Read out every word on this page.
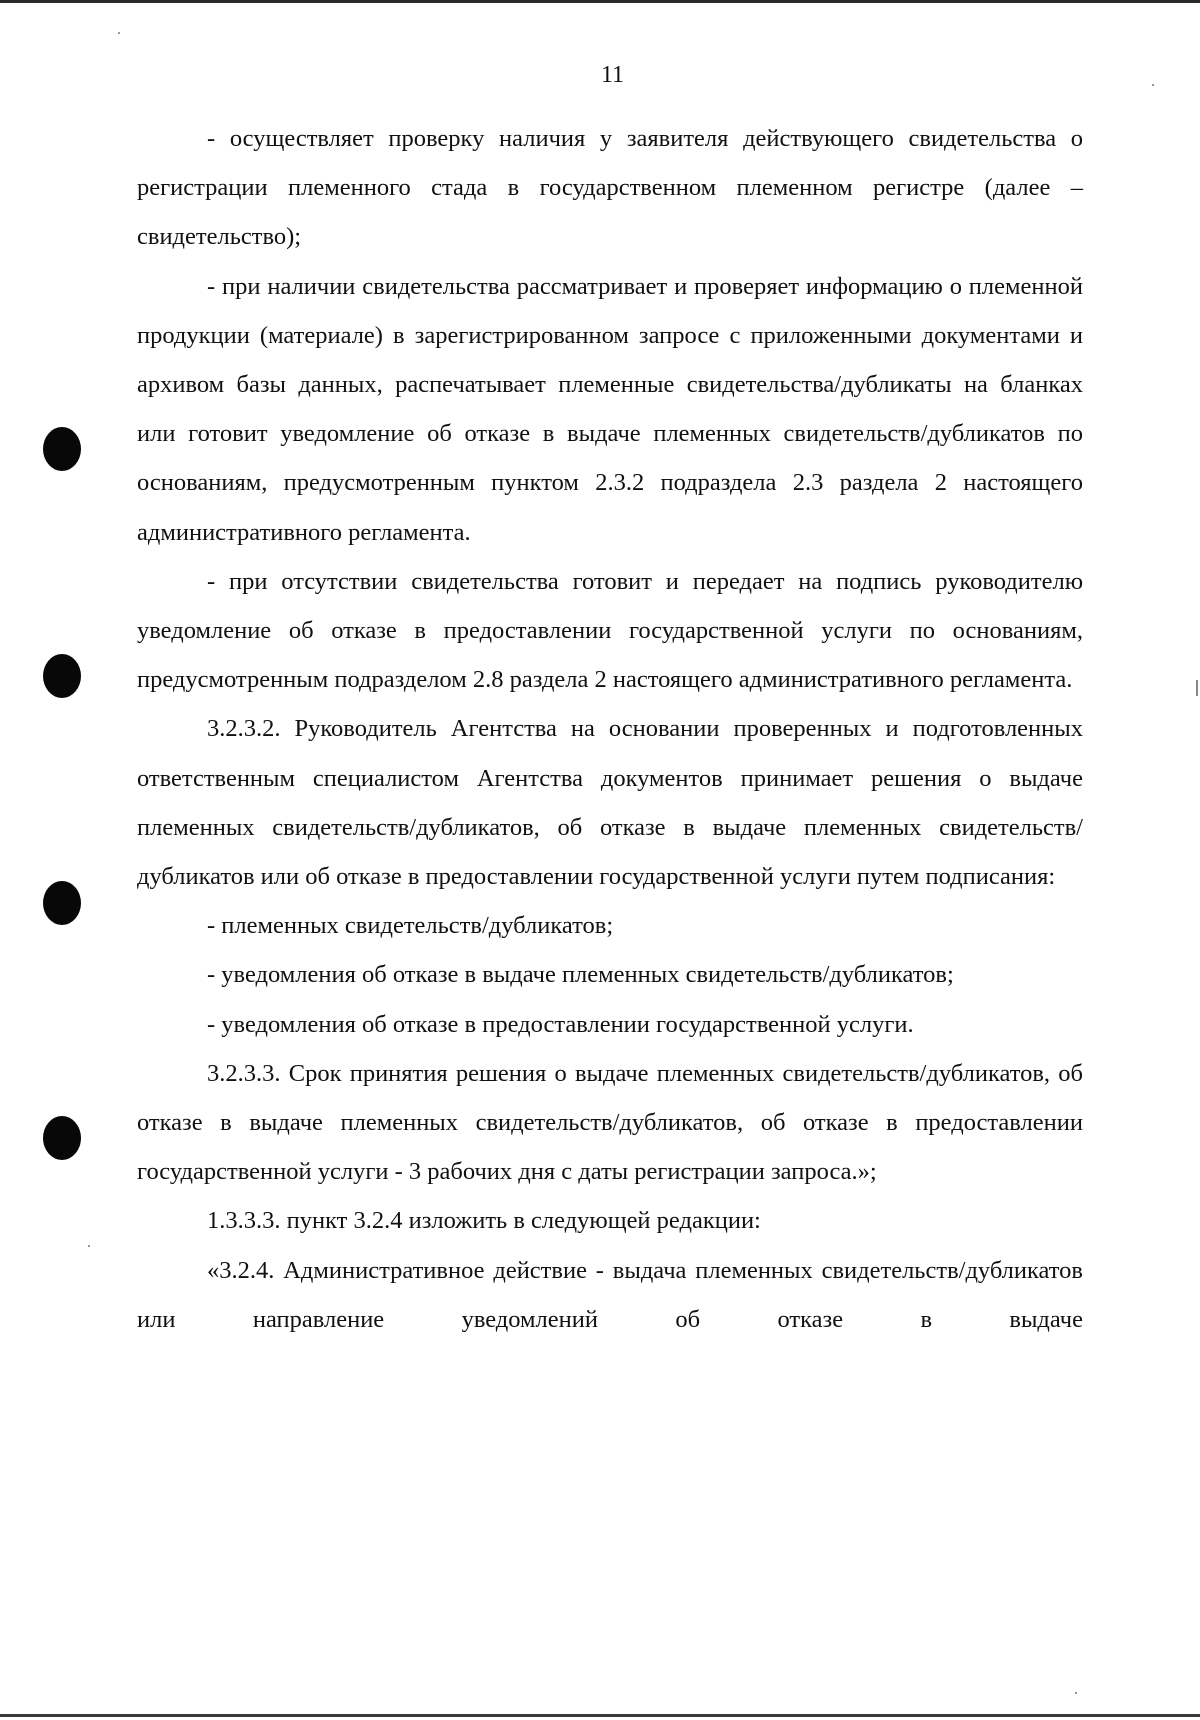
11

- осуществляет проверку наличия у заявителя действующего свидетельства о регистрации племенного стада в государственном племенном регистре (далее – свидетельство);

- при наличии свидетельства рассматривает и проверяет информацию о племенной продукции (материале) в зарегистрированном запросе с приложенными документами и архивом базы данных, распечатывает племенные свидетельства/дубликаты на бланках или готовит уведомление об отказе в выдаче племенных свидетельств/дубликатов по основаниям, предусмотренным пунктом 2.3.2 подраздела 2.3 раздела 2 настоящего административного регламента.

- при отсутствии свидетельства готовит и передает на подпись руководителю уведомление об отказе в предоставлении государственной услуги по основаниям, предусмотренным подразделом 2.8 раздела 2 настоящего административного регламента.

3.2.3.2. Руководитель Агентства на основании проверенных и подготовленных ответственным специалистом Агентства документов принимает решения о выдаче племенных свидетельств/дубликатов, об отказе в выдаче племенных свидетельств/дубликатов или об отказе в предоставлении государственной услуги путем подписания:

- племенных свидетельств/дубликатов;

- уведомления об отказе в выдаче племенных свидетельств/дубликатов;

- уведомления об отказе в предоставлении государственной услуги.

3.2.3.3. Срок принятия решения о выдаче племенных свидетельств/дубликатов, об отказе в выдаче племенных свидетельств/дубликатов, об отказе в предоставлении государственной услуги - 3 рабочих дня с даты регистрации запроса.»;

1.3.3.3. пункт 3.2.4 изложить в следующей редакции:

«3.2.4. Административное действие - выдача племенных свидетельств/дубликатов или направление уведомлений об отказе в выдаче
